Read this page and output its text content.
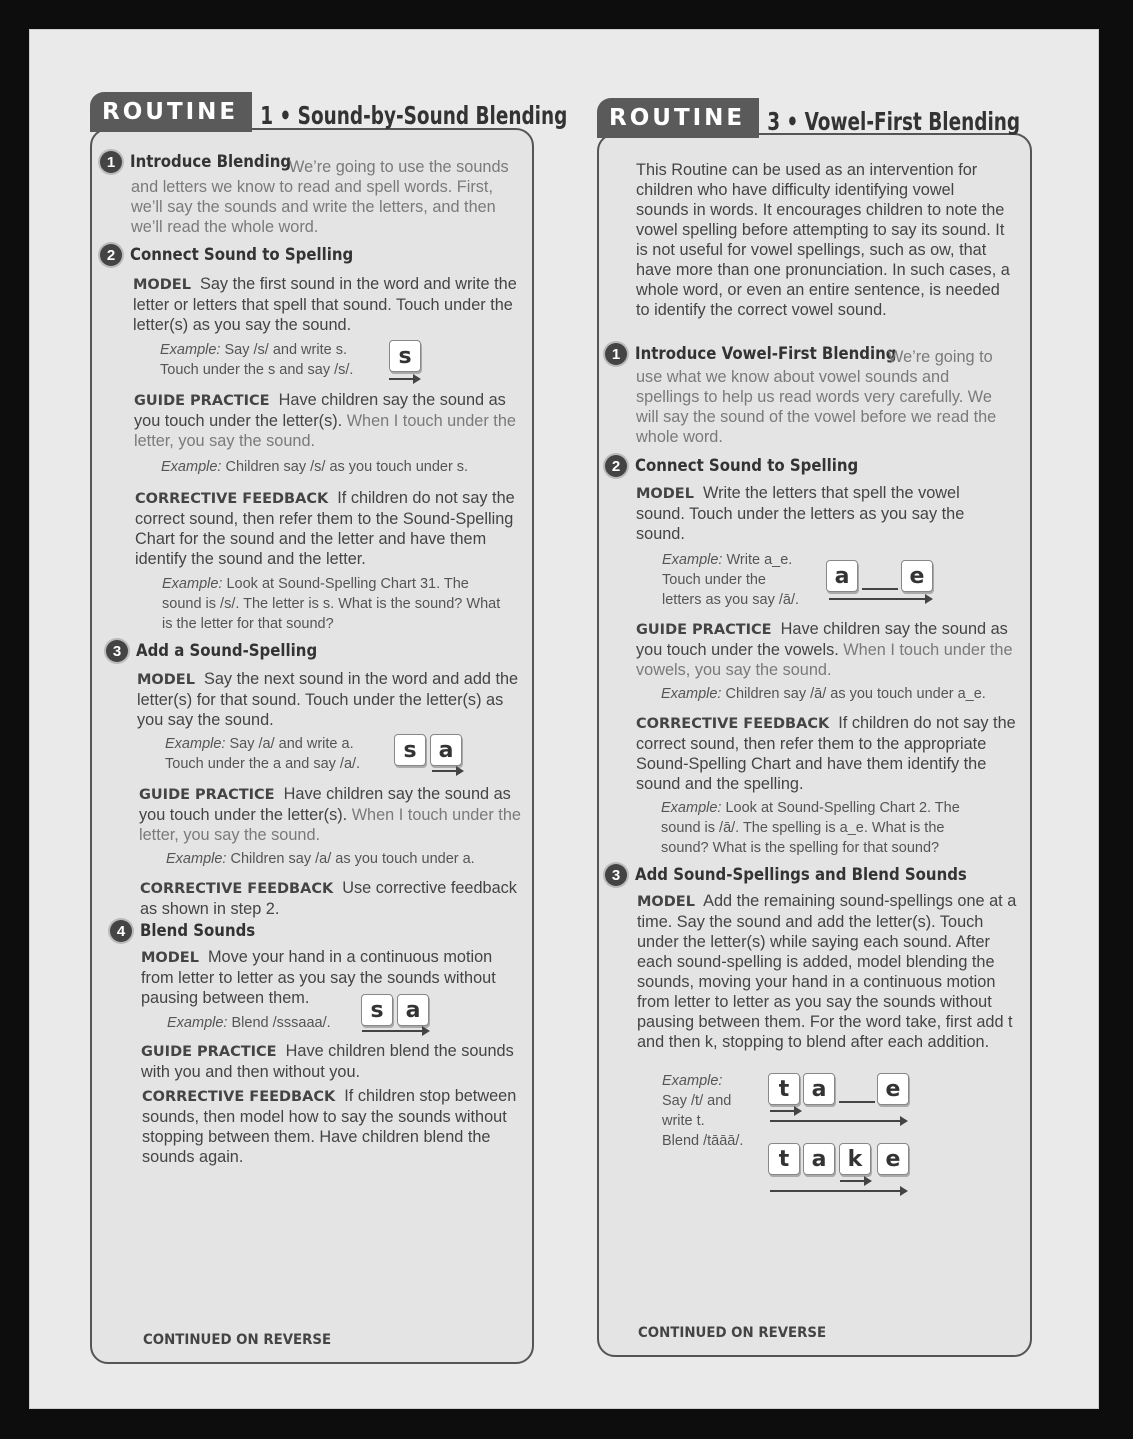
ROUTINE 1 • Sound-by-Sound Blending
1 Introduce Blending
We’re going to use the sounds and letters we know to read and spell words. First, we’ll say the sounds and write the letters, and then we’ll read the whole word.
2 Connect Sound to Spelling
MODEL Say the first sound in the word and write the letter or letters that spell that sound. Touch under the letter(s) as you say the sound.
Example: Say /s/ and write s.
Touch under the s and say /s/.
s
GUIDE PRACTICE Have children say the sound as you touch under the letter(s). When I touch under the letter, you say the sound.
Example: Children say /s/ as you touch under s.
CORRECTIVE FEEDBACK If children do not say the correct sound, then refer them to the Sound-Spelling Chart for the sound and the letter and have them identify the sound and the letter.
Example: Look at Sound-Spelling Chart 31. The sound is /s/. The letter is s. What is the sound? What is the letter for that sound?
3 Add a Sound-Spelling
MODEL Say the next sound in the word and add the letter(s) for that sound. Touch under the letter(s) as you say the sound.
Example: Say /a/ and write a.
Touch under the a and say /a/.
s	a
GUIDE PRACTICE Have children say the sound as you touch under the letter(s). When I touch under the letter, you say the sound.
Example: Children say /a/ as you touch under a.
CORRECTIVE FEEDBACK Use corrective feedback as shown in step 2.
4 Blend Sounds
MODEL Move your hand in a continuous motion from letter to letter as you say the sounds without pausing between them.
Example: Blend /sssaaa/.
s	a
GUIDE PRACTICE Have children blend the sounds with you and then without you.
CORRECTIVE FEEDBACK If children stop between sounds, then model how to say the sounds without stopping between them. Have children blend the sounds again.
CONTINUED ON REVERSE
ROUTINE 3 • Vowel-First Blending
This Routine can be used as an intervention for children who have difficulty identifying vowel sounds in words. It encourages children to note the vowel spelling before attempting to say its sound. It is not useful for vowel spellings, such as ow, that have more than one pronunciation. In such cases, a whole word, or even an entire sentence, is needed to identify the correct vowel sound.
1 Introduce Vowel-First Blending
We’re going to use what we know about vowel sounds and spellings to help us read words very carefully. We will say the sound of the vowel before we read the whole word.
2 Connect Sound to Spelling
MODEL Write the letters that spell the vowel sound. Touch under the letters as you say the sound.
Example: Write a_e.
Touch under the
letters as you say /ā/.
a	e
GUIDE PRACTICE Have children say the sound as you touch under the vowels. When I touch under the vowels, you say the sound.
Example: Children say /ā/ as you touch under a_e.
CORRECTIVE FEEDBACK If children do not say the correct sound, then refer them to the appropriate Sound-Spelling Chart and have them identify the sound and the spelling.
Example: Look at Sound-Spelling Chart 2. The sound is /ā/. The spelling is a_e. What is the sound? What is the spelling for that sound?
3 Add Sound-Spellings and Blend Sounds
MODEL Add the remaining sound-spellings one at a time. Say the sound and add the letter(s). Touch under the letter(s) while saying each sound. After each sound-spelling is added, model blending the sounds, moving your hand in a continuous motion from letter to letter as you say the sounds without pausing between them. For the word take, first add t and then k, stopping to blend after each addition.
Example:
Say /t/ and
write t.
Blend /tāāā/.
t	a	e
t	a k	e
CONTINUED ON REVERSE
